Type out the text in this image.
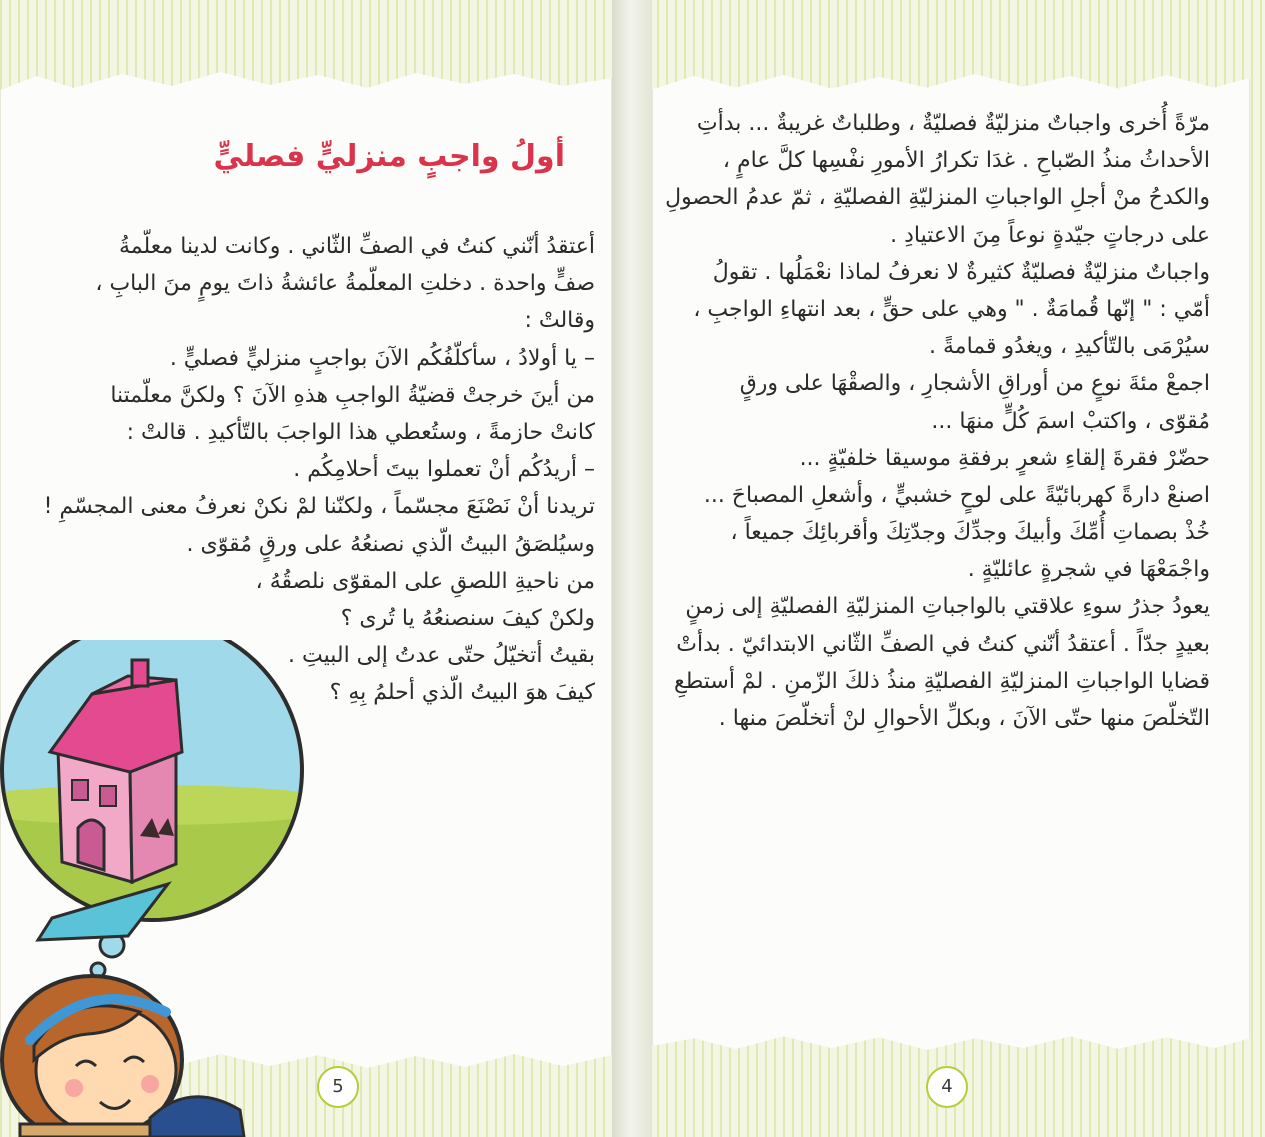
أولُ واجبٍ منزليٍّ فصليٍّ
أعتقدُ أنّني كنتُ في الصفِّ الثّاني . وكانت لدينا معلّمةُ
صفٍّ واحدة . دخلتِ المعلّمةُ عائشةُ ذاتَ يومٍ منَ البابِ ،
وقالتْ :
– يا أولادُ ، سأكلّفُكُم الآنَ بواجبٍ منزليٍّ فصليٍّ .
من أينَ خرجتْ قضيّةُ الواجبِ هذهِ الآنَ ؟ ولكنَّ معلّمتنا
كانتْ حازمةً ، وستُعطي هذا الواجبَ بالتّأكيدِ . قالتْ :
– أريدُكُم أنْ تعملوا بيتَ أحلامِكُم .
تريدنا أنْ نَصْنَعَ مجسّماً ، ولكنّنا لمْ نكنْ نعرفُ معنى المجسّمِ !
وسيُلصَقُ البيتُ الّذي نصنعُهُ على ورقٍ مُقوّى .
من ناحيةِ اللصقِ على المقوّى نلصقُهُ ،
ولكنْ كيفَ سنصنعُهُ يا تُرى ؟
بقيتُ أتخيّلُ حتّى عدتُ إلى البيتِ .
كيفَ هوَ البيتُ الّذي أحلمُ بِهِ ؟
5
مرّةً أُخرى واجباتٌ منزليّةٌ فصليّةٌ ، وطلباتٌ غريبةٌ ... بدأتِ
الأحداثُ منذُ الصّباحِ . غدَا تكرارُ الأمورِ نفْسِها كلَّ عامٍ ،
والكدحُ منْ أجلِ الواجباتِ المنزليّةِ الفصليّةِ ، ثمّ عدمُ الحصولِ
على درجاتٍ جيّدةٍ نوعاً مِنَ الاعتيادِ .
واجباتٌ منزليّةٌ فصليّةٌ كثيرةٌ لا نعرفُ لماذا نعْمَلُها . تقولُ
أمّي : " إنّها قُمامَةٌ . " وهي على حقٍّ ، بعد انتهاءِ الواجبِ ،
سيُرْمَى بالتّأكيدِ ، ويغدُو قمامةً .
اجمعْ مئةَ نوعٍ من أوراقِ الأشجارِ ، والصقْهَا على ورقٍ
مُقوّى ، واكتبْ اسمَ كُلٍّ منهَا ...
حضّرْ فقرةَ إلقاءِ شعرٍ برفقةِ موسيقا خلفيّةٍ ...
اصنعْ دارةً كهربائيّةً على لوحٍ خشبيٍّ ، وأشعلِ المصباحَ ...
خُذْ بصماتِ أُمِّكَ وأبيكَ وجدِّكَ وجدّتِكَ وأقربائِكَ جميعاً ،
واجْمَعْهَا في شجرةٍ عائليّةٍ .
يعودُ جذرُ سوءِ علاقتي بالواجباتِ المنزليّةِ الفصليّةِ إلى زمنٍ
بعيدٍ جدّاً . أعتقدُ أنّني كنتُ في الصفِّ الثّاني الابتدائيّ . بدأتْ
قضايا الواجباتِ المنزليّةِ الفصليّةِ منذُ ذلكَ الزّمنِ . لمْ أستطعِ
التّخلّصَ منها حتّى الآنَ ، وبكلِّ الأحوالِ لنْ أتخلّصَ منها .
4
